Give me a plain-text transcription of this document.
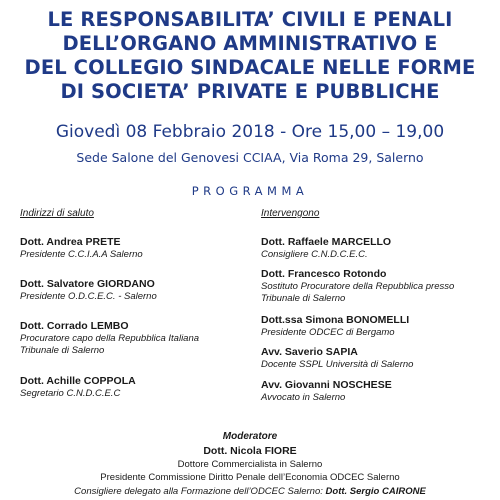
LE RESPONSABILITA’ CIVILI E PENALI
DELL’ORGANO AMMINISTRATIVO E
DEL COLLEGIO SINDACALE NELLE FORME
DI SOCIETA’ PRIVATE E PUBBLICHE
Giovedì 08 Febbraio 2018 - Ore 15,00 – 19,00
Sede Salone del Genovesi CCIAA, Via Roma 29, Salerno
PROGRAMMA
Indirizzi di saluto
Dott. Andrea PRETE
Presidente C.C.I.A.A Salerno
Dott. Salvatore GIORDANO
Presidente O.D.C.E.C. - Salerno
Dott. Corrado LEMBO
Procuratore capo della Repubblica Italiana
Tribunale di Salerno
Dott. Achille COPPOLA
Segretario C.N.D.C.E.C
Intervengono
Dott. Raffaele MARCELLO
Consigliere C.N.D.C.E.C.
Dott. Francesco Rotondo
Sostituto Procuratore della Repubblica presso
Tribunale di Salerno
Dott.ssa Simona BONOMELLI
Presidente ODCEC di Bergamo
Avv. Saverio SAPIA
Docente SSPL Università di Salerno
Avv. Giovanni NOSCHESE
Avvocato in Salerno
Moderatore
Dott. Nicola FIORE
Dottore Commercialista in Salerno
Presidente Commissione Diritto Penale dell’Economia ODCEC Salerno
Consigliere delegato alla Formazione dell’ODCEC Salerno: Dott. Sergio CAIRONE
